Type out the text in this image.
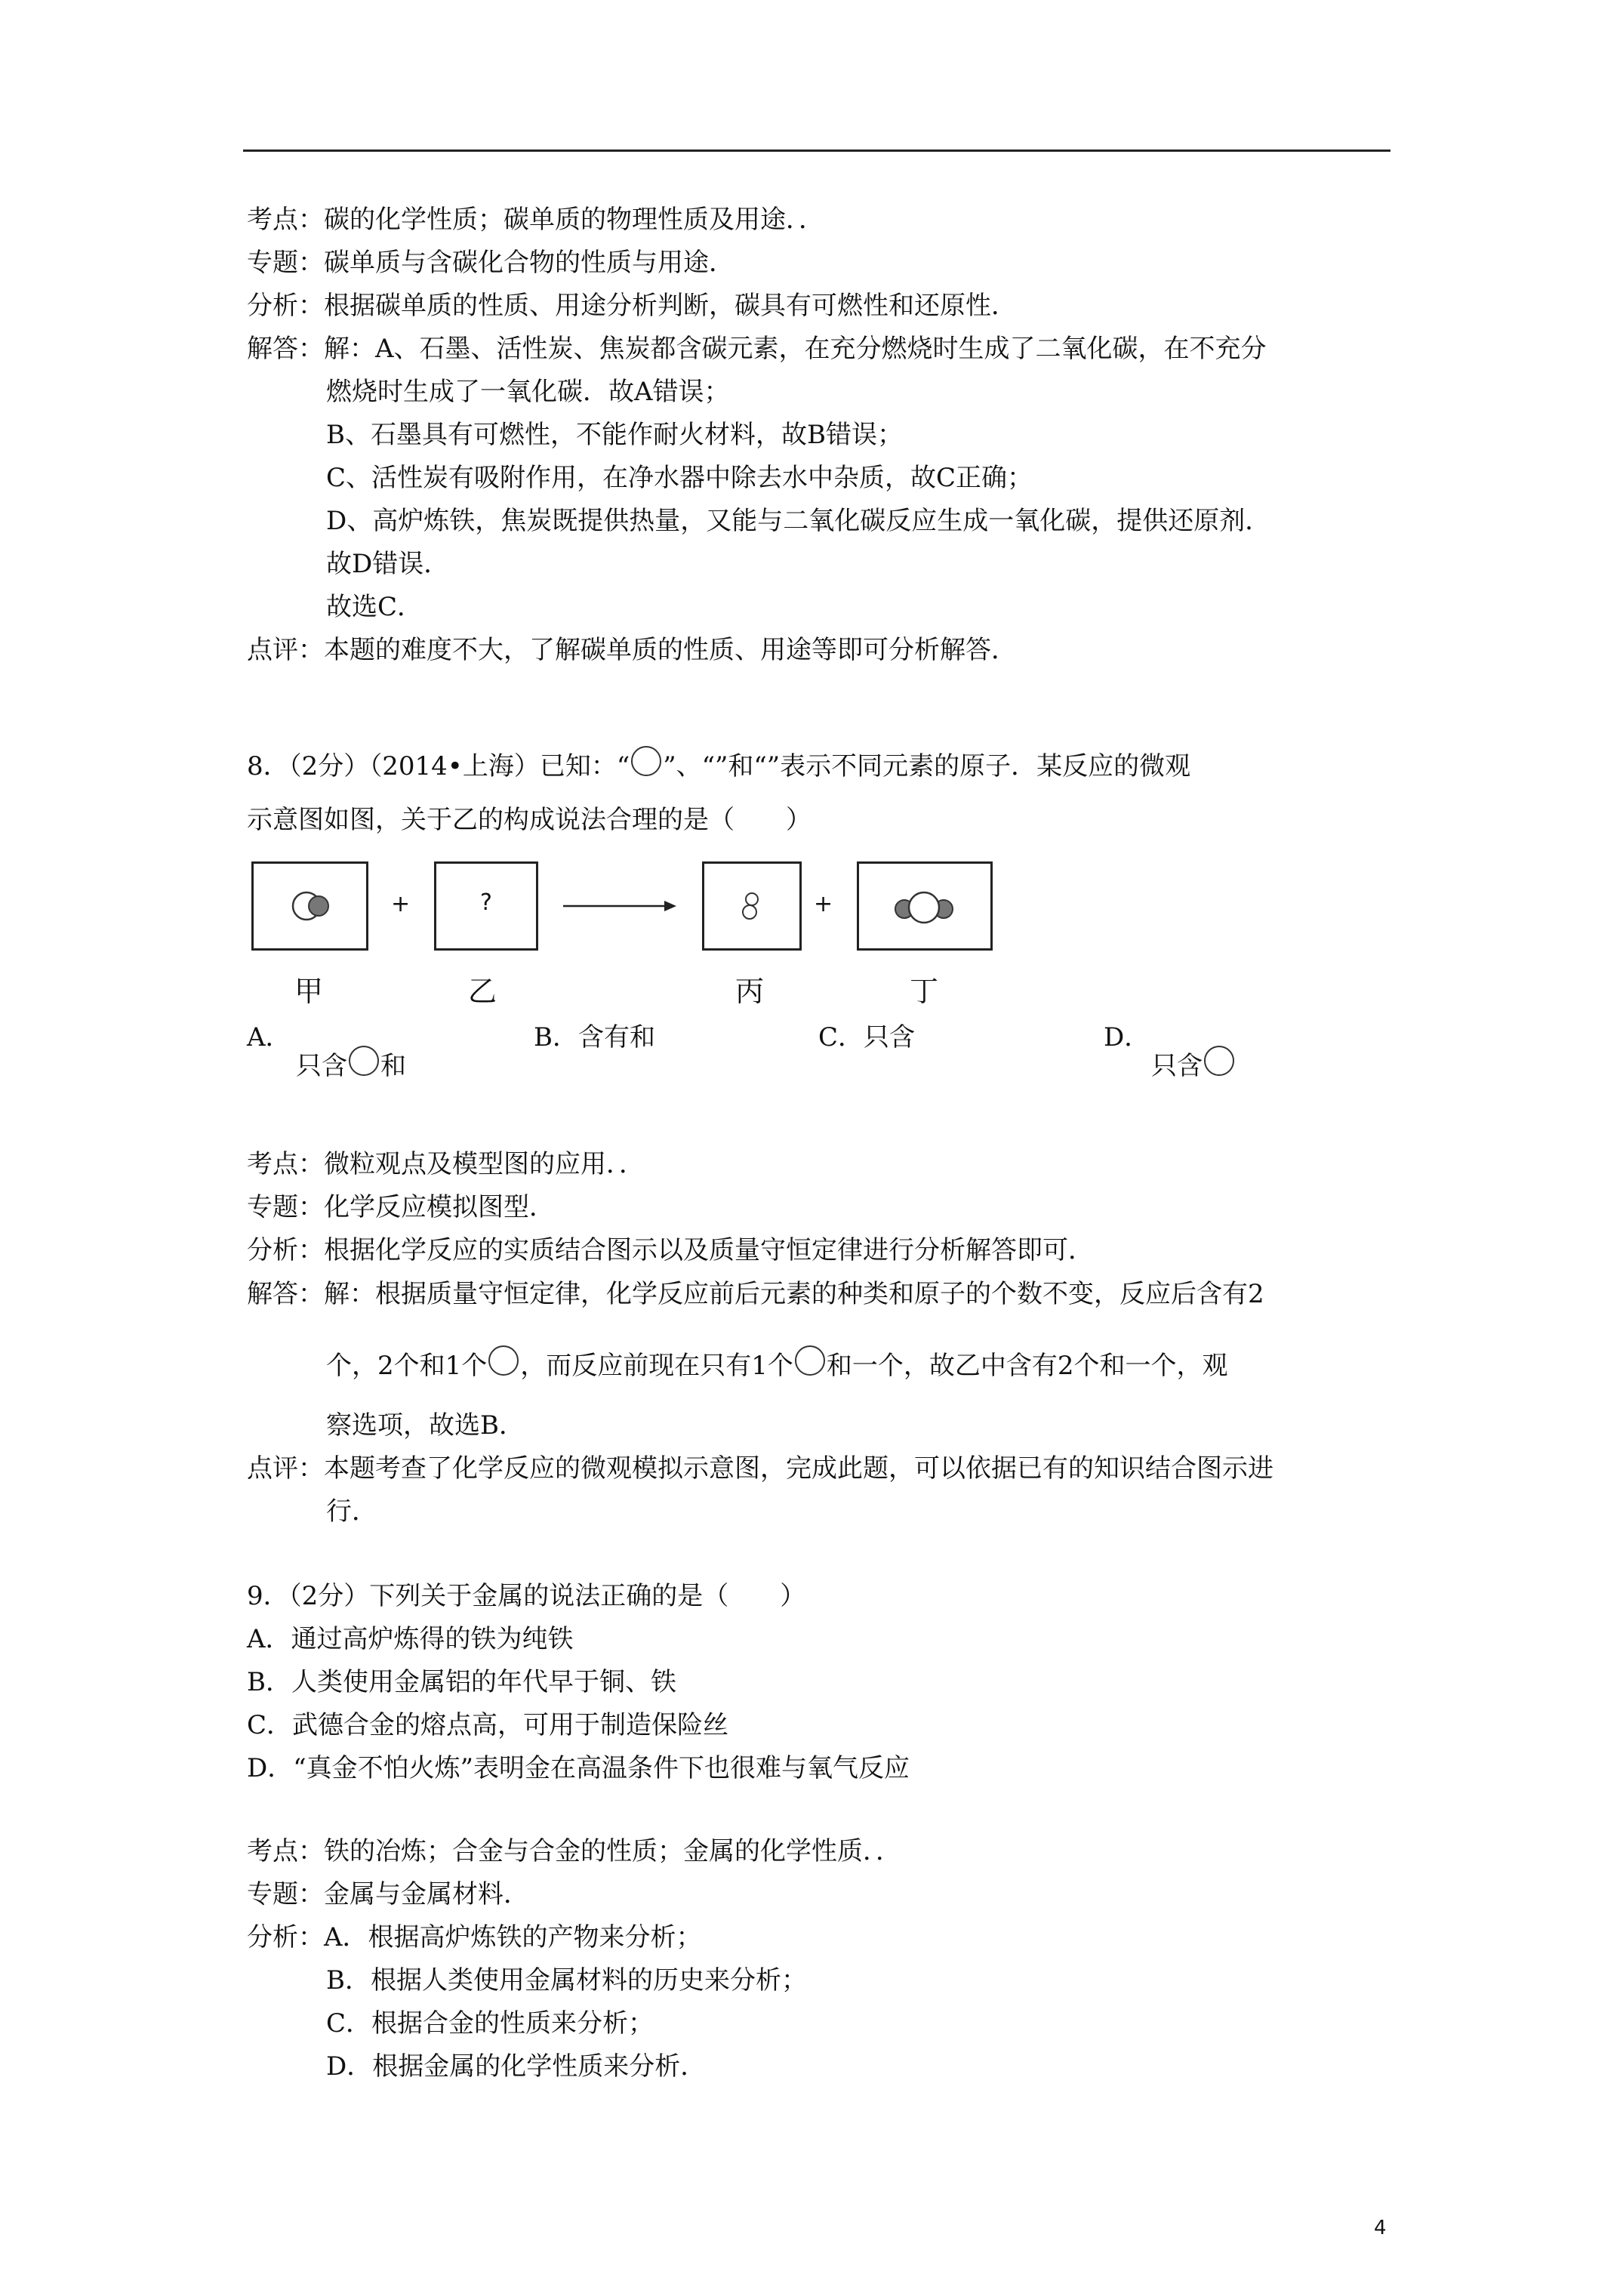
考点：碳的化学性质；碳单质的物理性质及用途．．
专题：碳单质与含碳化合物的性质与用途．
分析：根据碳单质的性质、用途分析判断，碳具有可燃性和还原性．
解答：解：A、石墨、活性炭、焦炭都含碳元素，在充分燃烧时生成了二氧化碳，在不充分
燃烧时生成了一氧化碳．故A错误；
B、石墨具有可燃性，不能作耐火材料，故B错误；
C、活性炭有吸附作用，在净水器中除去水中杂质，故C正确；
D、高炉炼铁，焦炭既提供热量，又能与二氧化碳反应生成一氧化碳，提供还原剂．
故D错误．
故选C．
点评：本题的难度不大，了解碳单质的性质、用途等即可分析解答．
8．（2分）（2014•上海）已知：“ ”、“”和“”表示不同元素的原子．某反应的微观
示意图如图，关于乙的构成说法合理的是（　　）
+	?	+
甲	乙	丙	丁
A．
只含 和
B．含有和	C．只含	D．
只含
考点：微粒观点及模型图的应用．．
专题：化学反应模拟图型．
分析：根据化学反应的实质结合图示以及质量守恒定律进行分析解答即可．
解答：解：根据质量守恒定律，化学反应前后元素的种类和原子的个数不变，反应后含有2
个，2个和1个 ，而反应前现在只有1个 和一个，故乙中含有2个和一个，观
察选项，故选B．
点评：本题考查了化学反应的微观模拟示意图，完成此题，可以依据已有的知识结合图示进
行．
9．（2分）下列关于金属的说法正确的是（　　）
A．通过高炉炼得的铁为纯铁
B．人类使用金属铝的年代早于铜、铁
C．武德合金的熔点高，可用于制造保险丝
D．“真金不怕火炼”表明金在高温条件下也很难与氧气反应
考点：铁的冶炼；合金与合金的性质；金属的化学性质．．
专题：金属与金属材料．
分析：A．根据高炉炼铁的产物来分析；
B．根据人类使用金属材料的历史来分析；
C．根据合金的性质来分析；
D．根据金属的化学性质来分析．
4
